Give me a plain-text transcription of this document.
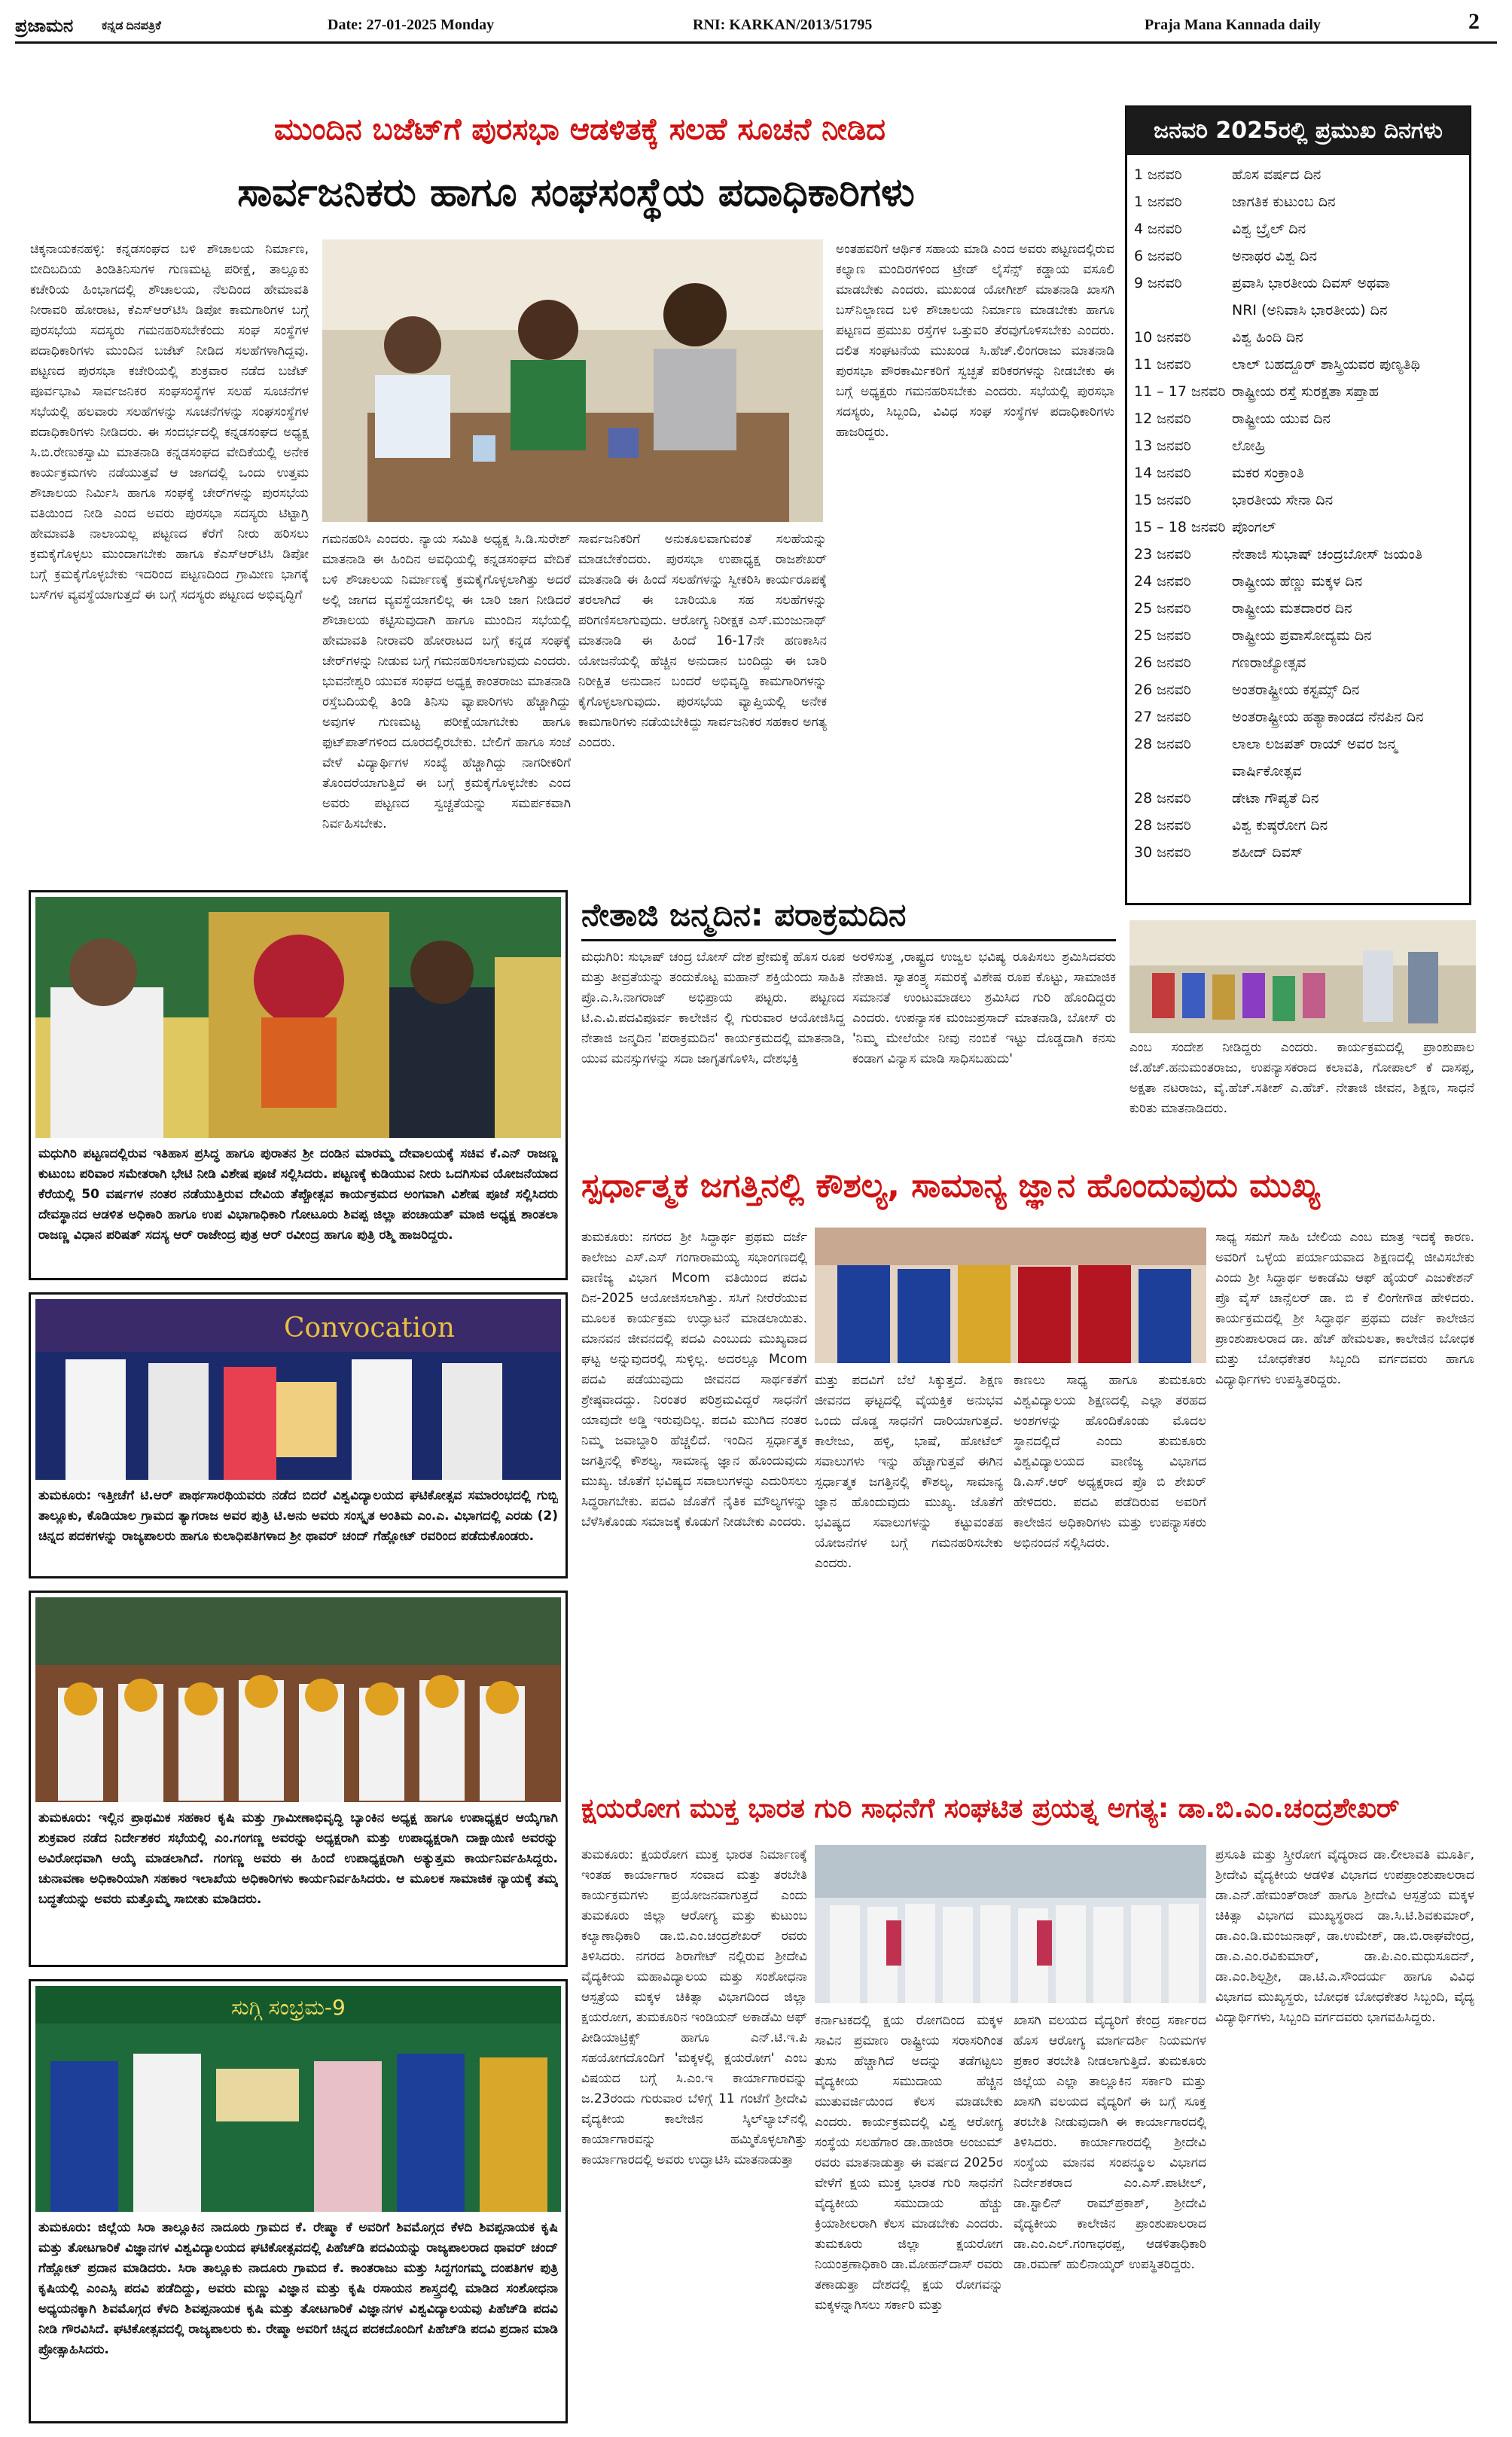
ಪ್ರಜಾಮನ ಕನ್ನಡ ದಿನಪತ್ರಿಕೆ	Date: 27-01-2025 Monday	RNI: KARKAN/2013/51795	Praja Mana Kannada daily	2
ಮುಂದಿನ ಬಜೆಟ್‌ಗೆ ಪುರಸಭಾ ಆಡಳಿತಕ್ಕೆ ಸಲಹೆ ಸೂಚನೆ ನೀಡಿದ
ಸಾರ್ವಜನಿಕರು ಹಾಗೂ ಸಂಘಸಂಸ್ಥೆಯ ಪದಾಧಿಕಾರಿಗಳು
ಚಿಕ್ಕನಾಯಕನಹಳ್ಳಿ: ಕನ್ನಡಸಂಘದ ಬಳಿ ಶೌಚಾಲಯ ನಿರ್ಮಾಣ, ಬೀದಿಬದಿಯ ತಿಂಡಿತಿನಿಸುಗಳ ಗುಣಮಟ್ಟ ಪರೀಕ್ಷೆ, ತಾಲ್ಲೂಕು ಕಚೇರಿಯ ಹಿಂಭಾಗದಲ್ಲಿ ಶೌಚಾಲಯ, ನೆಲದಿಂದ ಹೇಮಾವತಿ ನೀರಾವರಿ ಹೋರಾಟ, ಕೆಎಸ್‌ಆರ್‌ಟಿಸಿ ಡಿಪೋ ಕಾಮಗಾರಿಗಳ ಬಗ್ಗೆ ಪುರಸಭೆಯ ಸದಸ್ಯರು ಗಮನಹರಿಸಬೇಕೆಂದು ಸಂಘ ಸಂಸ್ಥೆಗಳ ಪದಾಧಿಕಾರಿಗಳು ಮುಂದಿನ ಬಜೆಟ್ ನೀಡಿದ ಸಲಹೆಗಳಾಗಿದ್ದವು. ಪಟ್ಟಣದ ಪುರಸಭಾ ಕಚೇರಿಯಲ್ಲಿ ಶುಕ್ರವಾರ ನಡೆದ ಬಜೆಟ್ ಪೂರ್ವಭಾವಿ ಸಾರ್ವಜನಿಕರ ಸಂಘಸಂಸ್ಥೆಗಳ ಸಲಹೆ ಸೂಚನೆಗಳ ಸಭೆಯಲ್ಲಿ ಹಲವಾರು ಸಲಹೆಗಳನ್ನು ಸೂಚನೆಗಳನ್ನು ಸಂಘಸಂಸ್ಥೆಗಳ ಪದಾಧಿಕಾರಿಗಳು ನೀಡಿದರು. ಈ ಸಂದರ್ಭದಲ್ಲಿ ಕನ್ನಡಸಂಘದ ಅಧ್ಯಕ್ಷ ಸಿ.ಬಿ.ರೇಣುಕಸ್ವಾಮಿ ಮಾತನಾಡಿ ಕನ್ನಡಸಂಘದ ವೇದಿಕೆಯಲ್ಲಿ ಅನೇಕ ಕಾರ್ಯಕ್ರಮಗಳು ನಡೆಯುತ್ತವೆ ಆ ಜಾಗದಲ್ಲಿ ಒಂದು ಉತ್ತಮ ಶೌಚಾಲಯ ನಿರ್ಮಿಸಿ ಹಾಗೂ ಸಂಘಕ್ಕೆ ಚೇರ್‌ಗಳನ್ನು ಪುರಸಭೆಯ ವತಿಯಿಂದ ನೀಡಿ ಎಂದ ಅವರು ಪುರಸಭಾ ಸದಸ್ಯರು ಟಿಟ್ಟಾಗ್ರಿ ಹೇಮಾವತಿ ನಾಲಾಯಲ್ಲ ಪಟ್ಟಣದ ಕೆರೆಗೆ ನೀರು ಹರಿಸಲು ಕ್ರಮಕೈಗೊಳ್ಳಲು ಮುಂದಾಗಬೇಕು ಹಾಗೂ ಕೆಎಸ್‌ಆರ್‌ಟಿಸಿ ಡಿಪೋ ಬಗ್ಗೆ ಕ್ರಮಕೈಗೊಳ್ಳಬೇಕು ಇದರಿಂದ ಪಟ್ಟಣದಿಂದ ಗ್ರಾಮೀಣ ಭಾಗಕ್ಕೆ ಬಸ್‌ಗಳ ವ್ಯವಸ್ಥೆಯಾಗುತ್ತದೆ ಈ ಬಗ್ಗೆ ಸದಸ್ಯರು ಪಟ್ಟಣದ ಅಭಿವೃದ್ಧಿಗೆ
ಗಮನಹರಿಸಿ ಎಂದರು. ನ್ಯಾಯ ಸಮಿತಿ ಅಧ್ಯಕ್ಷ ಸಿ.ಡಿ.ಸುರೇಶ್ ಮಾತನಾಡಿ ಈ ಹಿಂದಿನ ಅವಧಿಯಲ್ಲಿ ಕನ್ನಡಸಂಘದ ವೇದಿಕೆ ಬಳಿ ಶೌಚಾಲಯ ನಿರ್ಮಾಣಕ್ಕೆ ಕ್ರಮಕೈಗೊಳ್ಳಲಾಗಿತ್ತು ಅದರೆ ಅಲ್ಲಿ ಜಾಗದ ವ್ಯವಸ್ಥೆಯಾಗಲಿಲ್ಲ ಈ ಬಾರಿ ಜಾಗ ನೀಡಿದರೆ ಶೌಚಾಲಯ ಕಟ್ಟಿಸುವುದಾಗಿ ಹಾಗೂ ಮುಂದಿನ ಸಭೆಯಲ್ಲಿ ಹೇಮಾವತಿ ನೀರಾವರಿ ಹೋರಾಟದ ಬಗ್ಗೆ ಕನ್ನಡ ಸಂಘಕ್ಕೆ ಚೇರ್‌ಗಳನ್ನು ನೀಡುವ ಬಗ್ಗೆ ಗಮನಹರಿಸಲಾಗುವುದು ಎಂದರು. ಭುವನೇಶ್ವರಿ ಯುವಕ ಸಂಘದ ಅಧ್ಯಕ್ಷ ಕಾಂತರಾಜು ಮಾತನಾಡಿ ರಸ್ತೆಬದಿಯಲ್ಲಿ ತಿಂಡಿ ತಿನಿಸು ವ್ಯಾಪಾರಿಗಳು ಹೆಚ್ಚಾಗಿದ್ದು ಅವುಗಳ ಗುಣಮಟ್ಟ ಪರೀಕ್ಷೆಯಾಗಬೇಕು ಹಾಗೂ ಫುಟ್‌ಪಾತ್‌ಗಳಿಂದ ದೂರದಲ್ಲಿರಬೇಕು. ಬೇಲಿಗೆ ಹಾಗೂ ಸಂಜೆ ವೇಳೆ ವಿದ್ಯಾರ್ಥಿಗಳ ಸಂಖ್ಯೆ ಹೆಚ್ಚಾಗಿದ್ದು ನಾಗರೀಕರಿಗೆ ತೊಂದರೆಯಾಗುತ್ತಿದೆ ಈ ಬಗ್ಗೆ ಕ್ರಮಕೈಗೊಳ್ಳಬೇಕು ಎಂದ ಅವರು ಪಟ್ಟಣದ ಸ್ವಚ್ಚತೆಯನ್ನು ಸಮರ್ಪಕವಾಗಿ ನಿರ್ವಹಿಸಬೇಕು.
ಸಾರ್ವಜನಿಕರಿಗೆ ಅನುಕೂಲವಾಗುವಂತೆ ಸಲಹೆಯನ್ನು ಮಾಡಬೇಕೆಂದರು. ಪುರಸಭಾ ಉಪಾಧ್ಯಕ್ಷ ರಾಜಶೇಖರ್ ಮಾತನಾಡಿ ಈ ಹಿಂದೆ ಸಲಹೆಗಳನ್ನು ಸ್ವೀಕರಿಸಿ ಕಾರ್ಯರೂಪಕ್ಕೆ ತರಲಾಗಿದೆ ಈ ಬಾರಿಯೂ ಸಹ ಸಲಹೆಗಳನ್ನು ಪರಿಗಣಿಸಲಾಗುವುದು. ಆರೋಗ್ಯ ನಿರೀಕ್ಷಕ ಎಸ್.ಮಂಜುನಾಥ್ ಮಾತನಾಡಿ ಈ ಹಿಂದೆ 16-17ನೇ ಹಣಕಾಸಿನ ಯೋಜನೆಯಲ್ಲಿ ಹೆಚ್ಚಿನ ಅನುದಾನ ಬಂದಿದ್ದು ಈ ಬಾರಿ ನಿರೀಕ್ಷಿತ ಅನುದಾನ ಬಂದರೆ ಅಭಿವೃದ್ಧಿ ಕಾಮಗಾರಿಗಳನ್ನು ಕೈಗೊಳ್ಳಲಾಗುವುದು. ಪುರಸಭೆಯ ವ್ಯಾಪ್ತಿಯಲ್ಲಿ ಅನೇಕ ಕಾಮಗಾರಿಗಳು ನಡೆಯಬೇಕಿದ್ದು ಸಾರ್ವಜನಿಕರ ಸಹಕಾರ ಅಗತ್ಯ ಎಂದರು.
ಅಂತಹವರಿಗೆ ಆರ್ಥಿಕ ಸಹಾಯ ಮಾಡಿ ಎಂದ ಅವರು ಪಟ್ಟಣದಲ್ಲಿರುವ ಕಲ್ಯಾಣ ಮಂದಿರಗಳಿಂದ ಟ್ರೇಡ್ ಲೈಸೆನ್ಸ್ ಕಡ್ಡಾಯ ವಸೂಲಿ ಮಾಡಬೇಕು ಎಂದರು. ಮುಖಂಡ ಯೋಗೀಶ್ ಮಾತನಾಡಿ ಖಾಸಗಿ ಬಸ್‌ನಿಲ್ದಾಣದ ಬಳಿ ಶೌಚಾಲಯ ನಿರ್ಮಾಣ ಮಾಡಬೇಕು ಹಾಗೂ ಪಟ್ಟಣದ ಪ್ರಮುಖ ರಸ್ತೆಗಳ ಒತ್ತುವರಿ ತೆರವುಗೊಳಿಸಬೇಕು ಎಂದರು. ದಲಿತ ಸಂಘಟನೆಯ ಮುಖಂಡ ಸಿ.ಹೆಚ್.ಲಿಂಗರಾಜು ಮಾತನಾಡಿ ಪುರಸಭಾ ಪೌರಕಾರ್ಮಿಕರಿಗೆ ಸ್ವಚ್ಛತೆ ಪರಿಕರಗಳನ್ನು ನೀಡಬೇಕು ಈ ಬಗ್ಗೆ ಅಧ್ಯಕ್ಷರು ಗಮನಹರಿಸಬೇಕು ಎಂದರು. ಸಭೆಯಲ್ಲಿ ಪುರಸಭಾ ಸದಸ್ಯರು, ಸಿಬ್ಬಂದಿ, ವಿವಿಧ ಸಂಘ ಸಂಸ್ಥೆಗಳ ಪದಾಧಿಕಾರಿಗಳು ಹಾಜರಿದ್ದರು.
ಜನವರಿ 2025ರಲ್ಲಿ ಪ್ರಮುಖ ದಿನಗಳು
1 ಜನವರಿ	ಹೊಸ ವರ್ಷದ ದಿನ
1 ಜನವರಿ	ಜಾಗತಿಕ ಕುಟುಂಬ ದಿನ
4 ಜನವರಿ	ವಿಶ್ವ ಬ್ರೈಲ್ ದಿನ
6 ಜನವರಿ	ಅನಾಥರ ವಿಶ್ವ ದಿನ
9 ಜನವರಿ	ಪ್ರವಾಸಿ ಭಾರತೀಯ ದಿವಸ್ ಅಥವಾ
NRI (ಅನಿವಾಸಿ ಭಾರತೀಯ) ದಿನ
10 ಜನವರಿ	ವಿಶ್ವ ಹಿಂದಿ ದಿನ
11 ಜನವರಿ	ಲಾಲ್ ಬಹದ್ದೂರ್ ಶಾಸ್ತ್ರಿಯವರ ಪುಣ್ಯತಿಥಿ
11 – 17 ಜನವರಿ ರಾಷ್ಟ್ರೀಯ ರಸ್ತೆ ಸುರಕ್ಷತಾ ಸಪ್ತಾಹ
12 ಜನವರಿ	ರಾಷ್ಟ್ರೀಯ ಯುವ ದಿನ
13 ಜನವರಿ	ಲೋಹ್ರಿ
14 ಜನವರಿ	ಮಕರ ಸಂಕ್ರಾಂತಿ
15 ಜನವರಿ	ಭಾರತೀಯ ಸೇನಾ ದಿನ
15 – 18 ಜನವರಿ ಪೊಂಗಲ್
23 ಜನವರಿ	ನೇತಾಜಿ ಸುಭಾಷ್ ಚಂದ್ರಬೋಸ್ ಜಯಂತಿ
24 ಜನವರಿ	ರಾಷ್ಟ್ರೀಯ ಹೆಣ್ಣು ಮಕ್ಕಳ ದಿನ
25 ಜನವರಿ	ರಾಷ್ಟ್ರೀಯ ಮತದಾರರ ದಿನ
25 ಜನವರಿ	ರಾಷ್ಟ್ರೀಯ ಪ್ರವಾಸೋದ್ಯಮ ದಿನ
26 ಜನವರಿ	ಗಣರಾಜ್ಯೋತ್ಸವ
26 ಜನವರಿ	ಅಂತರಾಷ್ಟ್ರೀಯ ಕಸ್ಟಮ್ಸ್ ದಿನ
27 ಜನವರಿ	ಅಂತರಾಷ್ಟ್ರೀಯ ಹತ್ಯಾಕಾಂಡದ ನೆನಪಿನ ದಿನ
28 ಜನವರಿ	ಲಾಲಾ ಲಜಪತ್ ರಾಯ್ ಅವರ ಜನ್ಮ
ವಾರ್ಷಿಕೋತ್ಸವ
28 ಜನವರಿ	ಡೇಟಾ ಗೌಪ್ಯತೆ ದಿನ
28 ಜನವರಿ	ವಿಶ್ವ ಕುಷ್ಠರೋಗ ದಿನ
30 ಜನವರಿ	ಶಹೀದ್ ದಿವಸ್
ಎಂಬ ಸಂದೇಶ ನೀಡಿದ್ದರು ಎಂದರು. ಕಾರ್ಯಕ್ರಮದಲ್ಲಿ ಪ್ರಾಂಶುಪಾಲ ಜೆ.ಹೆಚ್.ಹನುಮಂತರಾಜು, ಉಪನ್ಯಾಸಕರಾದ ಕಲಾವತಿ, ಗೋಪಾಲ್ ಕೆ ದಾಸಪ್ಪ, ಅಕ್ಷತಾ ನಟರಾಜು, ವೈ.ಹೆಚ್.ಸತೀಶ್ ಎ.ಹೆಚ್. ನೇತಾಜಿ ಜೀವನ, ಶಿಕ್ಷಣ, ಸಾಧನೆ ಕುರಿತು ಮಾತನಾಡಿದರು.
ಮಧುಗಿರಿ ಪಟ್ಟಣದಲ್ಲಿರುವ ಇತಿಹಾಸ ಪ್ರಸಿದ್ಧ ಹಾಗೂ ಪುರಾತನ ಶ್ರೀ ದಂಡಿನ ಮಾರಮ್ಮ ದೇವಾಲಯಕ್ಕೆ ಸಚಿವ ಕೆ.ಎನ್ ರಾಜಣ್ಣ ಕುಟುಂಬ ಪರಿವಾರ ಸಮೇತರಾಗಿ ಭೇಟಿ ನೀಡಿ ವಿಶೇಷ ಪೂಜೆ ಸಲ್ಲಿಸಿದರು. ಪಟ್ಟಣಕ್ಕೆ ಕುಡಿಯುವ ನೀರು ಒದಗಿಸುವ ಯೋಜನೆಯಾದ ಕೆರೆಯಲ್ಲಿ 50 ವರ್ಷಗಳ ನಂತರ ನಡೆಯುತ್ತಿರುವ ದೇವಿಯ ತೆಪ್ಪೋತ್ಸವ ಕಾರ್ಯಕ್ರಮದ ಅಂಗವಾಗಿ ವಿಶೇಷ ಪೂಜೆ ಸಲ್ಲಿಸಿದರು ದೇವಸ್ಥಾನದ ಆಡಳಿತ ಅಧಿಕಾರಿ ಹಾಗೂ ಉಪ ವಿಭಾಗಾಧಿಕಾರಿ ಗೋಟೂರು ಶಿವಪ್ಪ ಜಿಲ್ಲಾ ಪಂಚಾಯತ್ ಮಾಜಿ ಅಧ್ಯಕ್ಷ ಶಾಂತಲಾ ರಾಜಣ್ಣ ವಿಧಾನ ಪರಿಷತ್ ಸದಸ್ಯ ಆರ್ ರಾಜೇಂದ್ರ ಪುತ್ರ ಆರ್ ರವೀಂದ್ರ ಹಾಗೂ ಪುತ್ರಿ ರಶ್ಮಿ ಹಾಜರಿದ್ದರು.
Convocation
ತುಮಕೂರು: ಇತ್ತೀಚೆಗೆ ಟಿ.ಆರ್ ಪಾರ್ಥಸಾರಥಿಯವರು ನಡೆದ ಬಿದರೆ ವಿಶ್ವವಿದ್ಯಾಲಯದ ಘಟಿಕೋತ್ಸವ ಸಮಾರಂಭದಲ್ಲಿ ಗುಬ್ಬಿ ತಾಲ್ಲೂಕು, ಕೊಡಿಯಾಲ ಗ್ರಾಮದ ತ್ಯಾಗರಾಜ ಅವರ ಪುತ್ರಿ ಟಿ.ಅನು ಅವರು ಸಂಸ್ಕೃತ ಅಂತಿಮ ಎಂ.ಎ. ವಿಭಾಗದಲ್ಲಿ ಎರಡು (2) ಚಿನ್ನದ ಪದಕಗಳನ್ನು ರಾಜ್ಯಪಾಲರು ಹಾಗೂ ಕುಲಾಧಿಪತಿಗಳಾದ ಶ್ರೀ ಥಾವರ್ ಚಂದ್ ಗೆಹ್ಲೋಟ್ ರವರಿಂದ ಪಡೆದುಕೊಂಡರು.
ತುಮಕೂರು: ಇಲ್ಲಿನ ಪ್ರಾಥಮಿಕ ಸಹಕಾರ ಕೃಷಿ ಮತ್ತು ಗ್ರಾಮೀಣಾಭಿವೃದ್ಧಿ ಬ್ಯಾಂಕಿನ ಅಧ್ಯಕ್ಷ ಹಾಗೂ ಉಪಾಧ್ಯಕ್ಷರ ಆಯ್ಕೆಗಾಗಿ ಶುಕ್ರವಾರ ನಡೆದ ನಿರ್ದೇಶಕರ ಸಭೆಯಲ್ಲಿ ಎಂ.ಗಂಗಣ್ಣ ಅವರನ್ನು ಅಧ್ಯಕ್ಷರಾಗಿ ಮತ್ತು ಉಪಾಧ್ಯಕ್ಷರಾಗಿ ದಾಕ್ಷಾಯಿಣಿ ಅವರನ್ನು ಅವಿರೋಧವಾಗಿ ಆಯ್ಕೆ ಮಾಡಲಾಗಿದೆ. ಗಂಗಣ್ಣ ಅವರು ಈ ಹಿಂದೆ ಉಪಾಧ್ಯಕ್ಷರಾಗಿ ಅತ್ಯುತ್ತಮ ಕಾರ್ಯನಿರ್ವಹಿಸಿದ್ದರು. ಚುನಾವಣಾ ಅಧಿಕಾರಿಯಾಗಿ ಸಹಕಾರ ಇಲಾಖೆಯ ಅಧಿಕಾರಿಗಳು ಕಾರ್ಯನಿರ್ವಹಿಸಿದರು. ಆ ಮೂಲಕ ಸಾಮಾಜಿಕ ನ್ಯಾಯಕ್ಕೆ ತಮ್ಮ ಬದ್ಧತೆಯನ್ನು ಅವರು ಮತ್ತೊಮ್ಮೆ ಸಾಬೀತು ಮಾಡಿದರು.
ಸುಗ್ಗಿ ಸಂಭ್ರಮ-9
ತುಮಕೂರು: ಜಿಲ್ಲೆಯ ಸಿರಾ ತಾಲ್ಲೂಕಿನ ನಾದೂರು ಗ್ರಾಮದ ಕೆ. ರೇಷ್ಮಾ ಕೆ ಅವರಿಗೆ ಶಿವಮೊಗ್ಗದ ಕೆಳದಿ ಶಿವಪ್ಪನಾಯಕ ಕೃಷಿ ಮತ್ತು ತೋಟಗಾರಿಕೆ ವಿಜ್ಞಾನಗಳ ವಿಶ್ವವಿದ್ಯಾಲಯದ ಘಟಿಕೋತ್ಸವದಲ್ಲಿ ಪಿಹೆಚ್‌ಡಿ ಪದವಿಯನ್ನು ರಾಜ್ಯಪಾಲರಾದ ಥಾವರ್ ಚಂದ್ ಗೆಹ್ಲೋಟ್ ಪ್ರದಾನ ಮಾಡಿದರು. ಸಿರಾ ತಾಲ್ಲೂಕು ನಾದೂರು ಗ್ರಾಮದ ಕೆ. ಕಾಂತರಾಜು ಮತ್ತು ಸಿದ್ದಗಂಗಮ್ಮ ದಂಪತಿಗಳ ಪುತ್ರಿ ಕೃಷಿಯಲ್ಲಿ ಎಂಎಸ್ಸಿ ಪದವಿ ಪಡೆದಿದ್ದು, ಅವರು ಮಣ್ಣು ವಿಜ್ಞಾನ ಮತ್ತು ಕೃಷಿ ರಸಾಯನ ಶಾಸ್ತ್ರದಲ್ಲಿ ಮಾಡಿದ ಸಂಶೋಧನಾ ಅಧ್ಯಯನಕ್ಕಾಗಿ ಶಿವಮೊಗ್ಗದ ಕೆಳದಿ ಶಿವಪ್ಪನಾಯಕ ಕೃಷಿ ಮತ್ತು ತೋಟಗಾರಿಕೆ ವಿಜ್ಞಾನಗಳ ವಿಶ್ವವಿದ್ಯಾಲಯವು ಪಿಹೆಚ್‌ಡಿ ಪದವಿ ನೀಡಿ ಗೌರವಿಸಿದೆ. ಘಟಿಕೋತ್ಸವದಲ್ಲಿ ರಾಜ್ಯಪಾಲರು ಕು. ರೇಷ್ಮಾ ಅವರಿಗೆ ಚಿನ್ನದ ಪದಕದೊಂದಿಗೆ ಪಿಹೆಚ್‌ಡಿ ಪದವಿ ಪ್ರದಾನ ಮಾಡಿ ಪ್ರೋತ್ಸಾಹಿಸಿದರು.
ನೇತಾಜಿ ಜನ್ಮದಿನ: ಪರಾಕ್ರಮದಿನ
ಮಧುಗಿರಿ: ಸುಭಾಷ್ ಚಂದ್ರ ಬೋಸ್ ದೇಶ ಪ್ರೇಮಕ್ಕೆ ಹೊಸ ರೂಪ ಮತ್ತು ತೀವ್ರತೆಯನ್ನು ತಂದುಕೊಟ್ಟ ಮಹಾನ್ ಶಕ್ತಿಯೆಂದು ಸಾಹಿತಿ ಪ್ರೊ.ಎ.ಸಿ.ನಾಗರಾಜ್ ಅಭಿಪ್ರಾಯ ಪಟ್ಟರು. ಪಟ್ಟಣದ ಟಿ.ಎ.ವಿ.ಪದವಿಪೂರ್ವ ಕಾಲೇಜಿನ ಲ್ಲಿ ಗುರುವಾರ ಆಯೋಜಿಸಿದ್ದ ನೇತಾಜಿ ಜನ್ಮದಿನ 'ಪರಾಕ್ರಮದಿನ' ಕಾರ್ಯಕ್ರಮದಲ್ಲಿ ಮಾತನಾಡಿ, ಯುವ ಮನಸ್ಸುಗಳನ್ನು ಸದಾ ಜಾಗೃತಗೊಳಿಸಿ, ದೇಶಭಕ್ತಿ
ಅರಳಿಸುತ್ತ ,ರಾಷ್ಟ್ರದ ಉಜ್ವಲ ಭವಿಷ್ಯ ರೂಪಿಸಲು ಶ್ರಮಿಸಿದವರು ನೇತಾಜಿ. ಸ್ವಾತಂತ್ರ್ಯ ಸಮರಕ್ಕೆ ವಿಶೇಷ ರೂಪ ಕೊಟ್ಟು, ಸಾಮಾಜಿಕ ಸಮಾನತೆ ಉಂಟುಮಾಡಲು ಶ್ರಮಿಸಿದ ಗುರಿ ಹೊಂದಿದ್ದರು ಎಂದರು. ಉಪನ್ಯಾಸಕ ಮಂಜುಪ್ರಸಾದ್ ಮಾತನಾಡಿ, ಬೋಸ್ ರು 'ನಿಮ್ಮ ಮೇಲೆಯೇ ನೀವು ನಂಬಿಕೆ ಇಟ್ಟು ದೊಡ್ಡದಾಗಿ ಕನಸು ಕಂಡಾಗ ವಿನ್ಯಾಸ ಮಾಡಿ ಸಾಧಿಸಬಹುದು'
ಸ್ಪರ್ಧಾತ್ಮಕ ಜಗತ್ತಿನಲ್ಲಿ ಕೌಶಲ್ಯ, ಸಾಮಾನ್ಯ ಜ್ಞಾನ ಹೊಂದುವುದು ಮುಖ್ಯ
ತುಮಕೂರು: ನಗರದ ಶ್ರೀ ಸಿದ್ಧಾರ್ಥ ಪ್ರಥಮ ದರ್ಜೆ ಕಾಲೇಜು ಎಸ್.ಎಸ್ ಗಂಗಾರಾಮಯ್ಯ ಸಭಾಂಗಣದಲ್ಲಿ ವಾಣಿಜ್ಯ ವಿಭಾಗ Mcom ವತಿಯಿಂದ ಪದವಿ ದಿನ-2025 ಆಯೋಜಿಸಲಾಗಿತ್ತು. ಸಸಿಗೆ ನೀರೆರೆಯುವ ಮೂಲಕ ಕಾರ್ಯಕ್ರಮ ಉದ್ಘಾಟನೆ ಮಾಡಲಾಯಿತು. ಮಾನವನ ಜೀವನದಲ್ಲಿ ಪದವಿ ಎಂಬುದು ಮುಖ್ಯವಾದ ಘಟ್ಟ ಅನ್ನುವುದರಲ್ಲಿ ಸುಳ್ಳಿಲ್ಲ. ಅದರಲ್ಲೂ Mcom ಪದವಿ ಪಡೆಯುವುದು ಜೀವನದ ಸಾರ್ಥಕತೆಗೆ ಶ್ರೇಷ್ಠವಾದದ್ದು. ನಿರಂತರ ಪರಿಶ್ರಮವಿದ್ದರೆ ಸಾಧನೆಗೆ ಯಾವುದೇ ಅಡ್ಡಿ ಇರುವುದಿಲ್ಲ. ಪದವಿ ಮುಗಿದ ನಂತರ ನಿಮ್ಮ ಜವಾಬ್ದಾರಿ ಹೆಚ್ಚಲಿದೆ. ಇಂದಿನ ಸ್ಪರ್ಧಾತ್ಮಕ ಜಗತ್ತಿನಲ್ಲಿ ಕೌಶಲ್ಯ, ಸಾಮಾನ್ಯ ಜ್ಞಾನ ಹೊಂದುವುದು ಮುಖ್ಯ. ಜೊತೆಗೆ ಭವಿಷ್ಯದ ಸವಾಲುಗಳನ್ನು ಎದುರಿಸಲು ಸಿದ್ಧರಾಗಬೇಕು. ಪದವಿ ಜೊತೆಗೆ ನೈತಿಕ ಮೌಲ್ಯಗಳನ್ನು ಬೆಳೆಸಿಕೊಂಡು ಸಮಾಜಕ್ಕೆ ಕೊಡುಗೆ ನೀಡಬೇಕು ಎಂದರು.
ಮತ್ತು ಪದವಿಗೆ ಬೆಲೆ ಸಿಕ್ಕುತ್ತದೆ. ಶಿಕ್ಷಣ ಜೀವನದ ಘಟ್ಟದಲ್ಲಿ ವೈಯಕ್ತಿಕ ಅನುಭವ ಒಂದು ದೊಡ್ಡ ಸಾಧನೆಗೆ ದಾರಿಯಾಗುತ್ತದೆ. ಕಾಲೇಜು, ಹಳ್ಳಿ, ಭಾಷೆ, ಹೋಟೆಲ್ ಸವಾಲುಗಳು ಇನ್ನು ಹೆಚ್ಚಾಗುತ್ತವೆ ಈಗಿನ ಸ್ಪರ್ಧಾತ್ಮಕ ಜಗತ್ತಿನಲ್ಲಿ ಕೌಶಲ್ಯ, ಸಾಮಾನ್ಯ ಜ್ಞಾನ ಹೊಂದುವುದು ಮುಖ್ಯ. ಜೊತೆಗೆ ಭವಿಷ್ಯದ ಸವಾಲುಗಳನ್ನು ಕಟ್ಟುವಂತಹ ಯೋಜನೆಗಳ ಬಗ್ಗೆ ಗಮನಹರಿಸಬೇಕು ಎಂದರು.
ಕಾಣಲು ಸಾಧ್ಯ ಹಾಗೂ ತುಮಕೂರು ವಿಶ್ವವಿದ್ಯಾಲಯ ಶಿಕ್ಷಣದಲ್ಲಿ ಎಲ್ಲಾ ತರಹದ ಅಂಶಗಳನ್ನು ಹೊಂದಿಕೊಂಡು ಮೊದಲ ಸ್ಥಾನದಲ್ಲಿದೆ ಎಂದು ತುಮಕೂರು ವಿಶ್ವವಿದ್ಯಾಲಯದ ವಾಣಿಜ್ಯ ವಿಭಾಗದ ಡಿ.ಎಸ್.ಆರ್ ಅಧ್ಯಕ್ಷರಾದ ಪ್ರೊ ಬಿ ಶೇಖರ್ ಹೇಳಿದರು. ಪದವಿ ಪಡೆದಿರುವ ಅವರಿಗೆ ಕಾಲೇಜಿನ ಅಧಿಕಾರಿಗಳು ಮತ್ತು ಉಪನ್ಯಾಸಕರು ಅಭಿನಂದನೆ ಸಲ್ಲಿಸಿದರು.
ಸಾಧ್ಯ ಸಮಗೆ ಸಾಹಿ ಬೇಲಿಯ ಎಂಬ ಮಾತ್ರ ಇದಕ್ಕೆ ಕಾರಣ. ಅವರಿಗೆ ಒಳ್ಳೆಯ ಪರ್ಯಾಯವಾದ ಶಿಕ್ಷಣದಲ್ಲಿ ಜೀವಿಸಬೇಕು ಎಂದು ಶ್ರೀ ಸಿದ್ಧಾರ್ಥ ಅಕಾಡೆಮಿ ಆಫ್ ಹೈಯರ್ ಎಜುಕೇಶನ್ ಪ್ರೊ ವೈಸ್ ಚಾನ್ಸೆಲರ್ ಡಾ. ಬಿ ಕೆ ಲಿಂಗೇಗೌಡ ಹೇಳಿದರು. ಕಾರ್ಯಕ್ರಮದಲ್ಲಿ ಶ್ರೀ ಸಿದ್ಧಾರ್ಥ ಪ್ರಥಮ ದರ್ಜೆ ಕಾಲೇಜಿನ ಪ್ರಾಂಶುಪಾಲರಾದ ಡಾ. ಹೆಚ್ ಹೇಮಲತಾ, ಕಾಲೇಜಿನ ಬೋಧಕ ಮತ್ತು ಬೋಧಕೇತರ ಸಿಬ್ಬಂದಿ ವರ್ಗದವರು ಹಾಗೂ ವಿದ್ಯಾರ್ಥಿಗಳು ಉಪಸ್ಥಿತರಿದ್ದರು.
ಕ್ಷಯರೋಗ ಮುಕ್ತ ಭಾರತ ಗುರಿ ಸಾಧನೆಗೆ ಸಂಘಟಿತ ಪ್ರಯತ್ನ ಅಗತ್ಯ: ಡಾ.ಬಿ.ಎಂ.ಚಂದ್ರಶೇಖರ್
ತುಮಕೂರು: ಕ್ಷಯರೋಗ ಮುಕ್ತ ಭಾರತ ನಿರ್ಮಾಣಕ್ಕೆ ಇಂತಹ ಕಾರ್ಯಾಗಾರ ಸಂವಾದ ಮತ್ತು ತರಬೇತಿ ಕಾರ್ಯಕ್ರಮಗಳು ಪ್ರಯೋಜನವಾಗುತ್ತದೆ ಎಂದು ತುಮಕೂರು ಜಿಲ್ಲಾ ಆರೋಗ್ಯ ಮತ್ತು ಕುಟುಂಬ ಕಲ್ಯಾಣಾಧಿಕಾರಿ ಡಾ.ಬಿ.ಎಂ.ಚಂದ್ರಶೇಖರ್ ರವರು ತಿಳಿಸಿದರು. ನಗರದ ಶಿರಾಗೇಟ್ ನಲ್ಲಿರುವ ಶ್ರೀದೇವಿ ವೈದ್ಯಕೀಯ ಮಹಾವಿದ್ಯಾಲಯ ಮತ್ತು ಸಂಶೋಧನಾ ಆಸ್ಪತ್ರೆಯ ಮಕ್ಕಳ ಚಿಕಿತ್ಸಾ ವಿಭಾಗದಿಂದ ಜಿಲ್ಲಾ ಕ್ಷಯರೋಗ, ತುಮಕೂರಿನ ಇಂಡಿಯನ್ ಅಕಾಡೆಮಿ ಆಫ್ ಪೀಡಿಯಾಟ್ರಿಕ್ಸ್ ಹಾಗೂ ಎನ್.ಟಿ.ಇ.ಪಿ ಸಹಯೋಗದೊಂದಿಗೆ 'ಮಕ್ಕಳಲ್ಲಿ ಕ್ಷಯರೋಗ' ಎಂಬ ವಿಷಯದ ಬಗ್ಗೆ ಸಿ.ಎಂ.ಇ ಕಾರ್ಯಾಗಾರವನ್ನು ಜ.23ರಂದು ಗುರುವಾರ ಬೆಳಿಗ್ಗೆ 11 ಗಂಟೆಗೆ ಶ್ರೀದೇವಿ ವೈದ್ಯಕೀಯ ಕಾಲೇಜಿನ ಸ್ಕಿಲ್‌ಲ್ಯಾಬ್‌ನಲ್ಲಿ ಕಾರ್ಯಾಗಾರವನ್ನು ಹಮ್ಮಿಕೊಳ್ಳಲಾಗಿತ್ತು ಕಾರ್ಯಾಗಾರದಲ್ಲಿ ಅವರು ಉದ್ಘಾಟಿಸಿ ಮಾತನಾಡುತ್ತಾ
ಕರ್ನಾಟಕದಲ್ಲಿ ಕ್ಷಯ ರೋಗದಿಂದ ಮಕ್ಕಳ ಸಾವಿನ ಪ್ರಮಾಣ ರಾಷ್ಟ್ರೀಯ ಸರಾಸರಿಗಿಂತ ತುಸು ಹೆಚ್ಚಾಗಿದೆ ಅದನ್ನು ತಡೆಗಟ್ಟಲು ವೈದ್ಯಕೀಯ ಸಮುದಾಯ ಹೆಚ್ಚಿನ ಮುತುವರ್ಜಿಯಿಂದ ಕೆಲಸ ಮಾಡಬೇಕು ಎಂದರು. ಕಾರ್ಯಕ್ರಮದಲ್ಲಿ ವಿಶ್ವ ಆರೋಗ್ಯ ಸಂಸ್ಥೆಯ ಸಲಹೆಗಾರ ಡಾ.ಹಾಜಿರಾ ಅಂಜುಮ್ ರವರು ಮಾತನಾಡುತ್ತಾ ಈ ವರ್ಷದ 2025ರ ವೇಳೆಗೆ ಕ್ಷಯ ಮುಕ್ತ ಭಾರತ ಗುರಿ ಸಾಧನೆಗೆ ವೈದ್ಯಕೀಯ ಸಮುದಾಯ ಹೆಚ್ಚು ಕ್ರಿಯಾಶೀಲರಾಗಿ ಕೆಲಸ ಮಾಡಬೇಕು ಎಂದರು. ತುಮಕೂರು ಜಿಲ್ಲಾ ಕ್ಷಯರೋಗ ನಿಯಂತ್ರಣಾಧಿಕಾರಿ ಡಾ.ಮೋಹನ್‌ದಾಸ್ ರವರು ತಣಾಡುತ್ತಾ ದೇಶದಲ್ಲಿ ಕ್ಷಯ ರೋಗವನ್ನು ಮಕ್ಕಳನ್ನಾಗಿಸಲು ಸರ್ಕಾರಿ ಮತ್ತು
ಖಾಸಗಿ ವಲಯದ ವೈದ್ಯರಿಗೆ ಕೇಂದ್ರ ಸರ್ಕಾರದ ಹೊಸ ಆರೋಗ್ಯ ಮಾರ್ಗದರ್ಶಿ ನಿಯಮಗಳ ಪ್ರಕಾರ ತರಬೇತಿ ನೀಡಲಾಗುತ್ತಿದೆ. ತುಮಕೂರು ಜಿಲ್ಲೆಯ ಎಲ್ಲಾ ತಾಲ್ಲೂಕಿನ ಸರ್ಕಾರಿ ಮತ್ತು ಖಾಸಗಿ ವಲಯದ ವೈದ್ಯರಿಗೆ ಈ ಬಗ್ಗೆ ಸೂಕ್ತ ತರಬೇತಿ ನೀಡುವುದಾಗಿ ಈ ಕಾರ್ಯಾಗಾರದಲ್ಲಿ ತಿಳಿಸಿದರು. ಕಾರ್ಯಾಗಾರದಲ್ಲಿ ಶ್ರೀದೇವಿ ಸಂಸ್ಥೆಯ ಮಾನವ ಸಂಪನ್ಮೂಲ ವಿಭಾಗದ ನಿರ್ದೇಶಕರಾದ ಎಂ.ಎಸ್.ಪಾಟೀಲ್, ಡಾ.ಸ್ಟಾಲಿನ್ ರಾಮ್‌ಪ್ರಕಾಶ್, ಶ್ರೀದೇವಿ ವೈದ್ಯಕೀಯ ಕಾಲೇಜಿನ ಪ್ರಾಂಶುಪಾಲರಾದ ಡಾ.ಎಂ.ಎಲ್.ಗಂಗಾಧರಪ್ಪ, ಆಡಳಿತಾಧಿಕಾರಿ ಡಾ.ರಮಣ್ ಹುಲಿನಾಯ್ಕರ್ ಉಪಸ್ಥಿತರಿದ್ದರು.
ಪ್ರಸೂತಿ ಮತ್ತು ಸ್ತ್ರೀರೋಗ ವೈದ್ಯರಾದ ಡಾ.ಲೀಲಾವತಿ ಮೂರ್ತಿ, ಶ್ರೀದೇವಿ ವೈದ್ಯಕೀಯ ಆಡಳಿತ ವಿಭಾಗದ ಉಪಪ್ರಾಂಶುಪಾಲರಾದ ಡಾ.ಎನ್.ಹೇಮಂತ್‌ರಾಜ್ ಹಾಗೂ ಶ್ರೀದೇವಿ ಆಸ್ಪತ್ರೆಯ ಮಕ್ಕಳ ಚಿಕಿತ್ಸಾ ವಿಭಾಗದ ಮುಖ್ಯಸ್ಥರಾದ ಡಾ.ಸಿ.ಟಿ.ಶಿವಕುಮಾರ್, ಡಾ.ಎಂ.ಡಿ.ಮಂಜುನಾಥ್, ಡಾ.ಉಮೇಶ್, ಡಾ.ಬಿ.ರಾಘವೇಂದ್ರ, ಡಾ.ಎ.ಎಂ.ರವಿಕುಮಾರ್, ಡಾ.ಪಿ.ಎಂ.ಮಧುಸೂದನ್, ಡಾ.ಎಂ.ಶಿಲ್ಪಶ್ರೀ, ಡಾ.ಟಿ.ಎ.ಸೌಂದರ್ಯ ಹಾಗೂ ವಿವಿಧ ವಿಭಾಗದ ಮುಖ್ಯಸ್ಥರು, ಬೋಧಕ ಬೋಧಕೇತರ ಸಿಬ್ಬಂದಿ, ವೈದ್ಯ ವಿದ್ಯಾರ್ಥಿಗಳು, ಸಿಬ್ಬಂದಿ ವರ್ಗದವರು ಭಾಗವಹಿಸಿದ್ದರು.
